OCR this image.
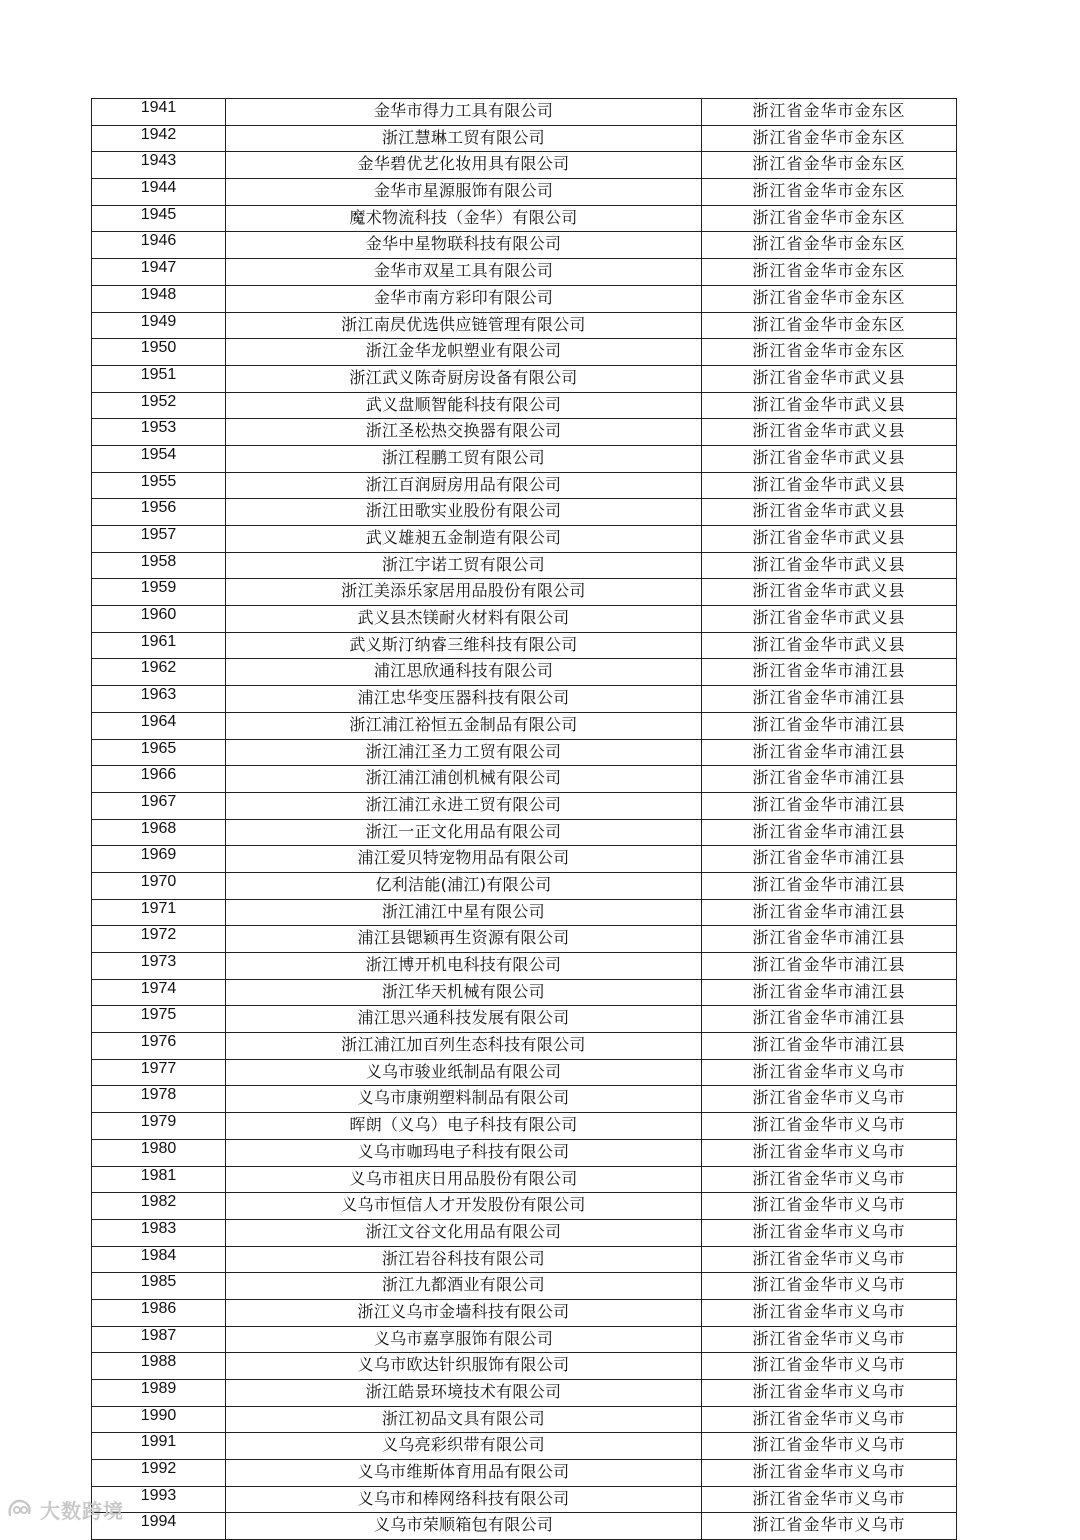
1941	金华市得力工具有限公司	浙江省金华市金东区
1942	浙江慧琳工贸有限公司	浙江省金华市金东区
1943	金华碧优艺化妆用具有限公司	浙江省金华市金东区
1944	金华市星源服饰有限公司	浙江省金华市金东区
1945	魔术物流科技（金华）有限公司	浙江省金华市金东区
1946	金华中星物联科技有限公司	浙江省金华市金东区
1947	金华市双星工具有限公司	浙江省金华市金东区
1948	金华市南方彩印有限公司	浙江省金华市金东区
1949	浙江南昃优选供应链管理有限公司	浙江省金华市金东区
1950	浙江金华龙帜塑业有限公司	浙江省金华市金东区
1951	浙江武义陈奇厨房设备有限公司	浙江省金华市武义县
1952	武义盘顺智能科技有限公司	浙江省金华市武义县
1953	浙江圣松热交换器有限公司	浙江省金华市武义县
1954	浙江程鹏工贸有限公司	浙江省金华市武义县
1955	浙江百润厨房用品有限公司	浙江省金华市武义县
1956	浙江田歌实业股份有限公司	浙江省金华市武义县
1957	武义雄昶五金制造有限公司	浙江省金华市武义县
1958	浙江宇诺工贸有限公司	浙江省金华市武义县
1959	浙江美添乐家居用品股份有限公司	浙江省金华市武义县
1960	武义县杰镁耐火材料有限公司	浙江省金华市武义县
1961	武义斯汀纳睿三维科技有限公司	浙江省金华市武义县
1962	浦江思欣通科技有限公司	浙江省金华市浦江县
1963	浦江忠华变压器科技有限公司	浙江省金华市浦江县
1964	浙江浦江裕恒五金制品有限公司	浙江省金华市浦江县
1965	浙江浦江圣力工贸有限公司	浙江省金华市浦江县
1966	浙江浦江浦创机械有限公司	浙江省金华市浦江县
1967	浙江浦江永进工贸有限公司	浙江省金华市浦江县
1968	浙江一正文化用品有限公司	浙江省金华市浦江县
1969	浦江爱贝特宠物用品有限公司	浙江省金华市浦江县
1970	亿利洁能(浦江)有限公司	浙江省金华市浦江县
1971	浙江浦江中星有限公司	浙江省金华市浦江县
1972	浦江县锶颖再生资源有限公司	浙江省金华市浦江县
1973	浙江博开机电科技有限公司	浙江省金华市浦江县
1974	浙江华天机械有限公司	浙江省金华市浦江县
1975	浦江思兴通科技发展有限公司	浙江省金华市浦江县
1976	浙江浦江加百列生态科技有限公司	浙江省金华市浦江县
1977	义乌市骏业纸制品有限公司	浙江省金华市义乌市
1978	义乌市康朔塑料制品有限公司	浙江省金华市义乌市
1979	晖朗（义乌）电子科技有限公司	浙江省金华市义乌市
1980	义乌市咖玛电子科技有限公司	浙江省金华市义乌市
1981	义乌市祖庆日用品股份有限公司	浙江省金华市义乌市
1982	义乌市恒信人才开发股份有限公司	浙江省金华市义乌市
1983	浙江文谷文化用品有限公司	浙江省金华市义乌市
1984	浙江岩谷科技有限公司	浙江省金华市义乌市
1985	浙江九都酒业有限公司	浙江省金华市义乌市
1986	浙江义乌市金墙科技有限公司	浙江省金华市义乌市
1987	义乌市嘉享服饰有限公司	浙江省金华市义乌市
1988	义乌市欧达针织服饰有限公司	浙江省金华市义乌市
1989	浙江皓景环境技术有限公司	浙江省金华市义乌市
1990	浙江初品文具有限公司	浙江省金华市义乌市
1991	义乌亮彩织带有限公司	浙江省金华市义乌市
1992	义乌市维斯体育用品有限公司	浙江省金华市义乌市
1993	义乌市和棒网络科技有限公司	浙江省金华市义乌市
1994	义乌市荣顺箱包有限公司	浙江省金华市义乌市
大数跨境
